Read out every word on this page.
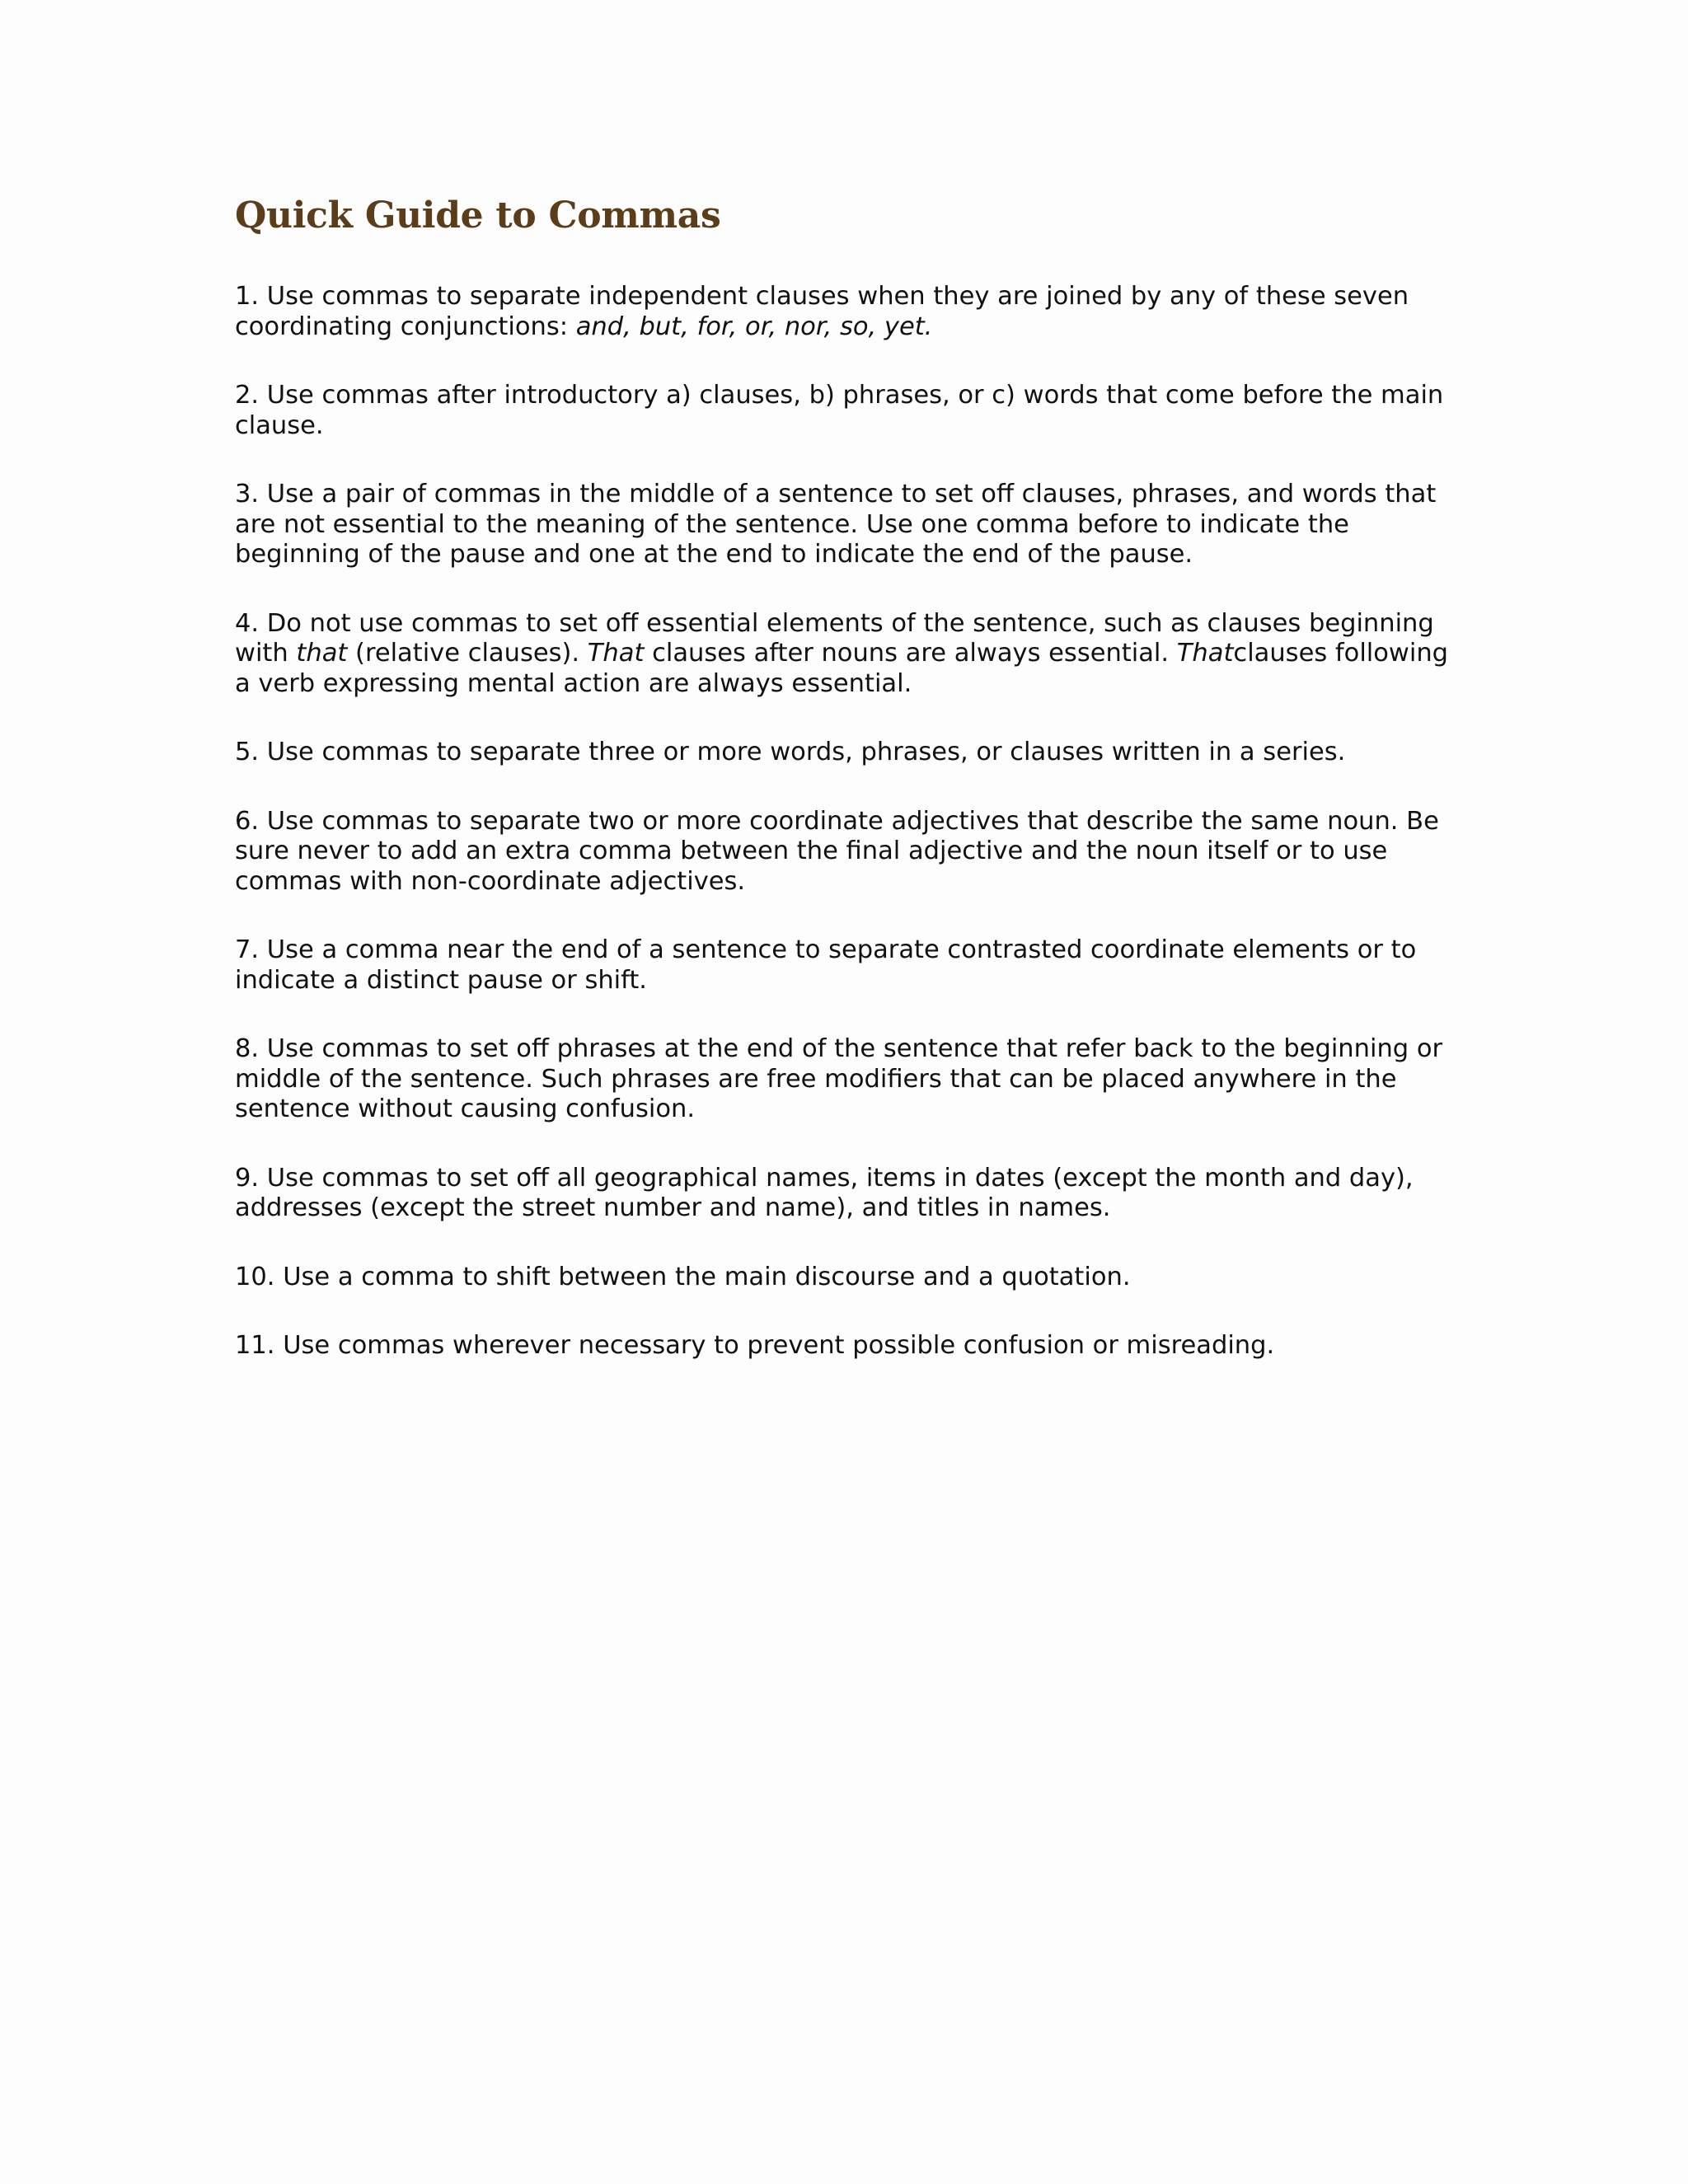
Quick Guide to Commas
1. Use commas to separate independent clauses when they are joined by any of these seven coordinating conjunctions: and, but, for, or, nor, so, yet.
2. Use commas after introductory a) clauses, b) phrases, or c) words that come before the main clause.
3. Use a pair of commas in the middle of a sentence to set off clauses, phrases, and words that are not essential to the meaning of the sentence. Use one comma before to indicate the beginning of the pause and one at the end to indicate the end of the pause.
4. Do not use commas to set off essential elements of the sentence, such as clauses beginning with that (relative clauses). That clauses after nouns are always essential. Thatclauses following a verb expressing mental action are always essential.
5. Use commas to separate three or more words, phrases, or clauses written in a series.
6. Use commas to separate two or more coordinate adjectives that describe the same noun. Be sure never to add an extra comma between the final adjective and the noun itself or to use commas with non-coordinate adjectives.
7. Use a comma near the end of a sentence to separate contrasted coordinate elements or to indicate a distinct pause or shift.
8. Use commas to set off phrases at the end of the sentence that refer back to the beginning or middle of the sentence. Such phrases are free modifiers that can be placed anywhere in the sentence without causing confusion.
9. Use commas to set off all geographical names, items in dates (except the month and day), addresses (except the street number and name), and titles in names.
10. Use a comma to shift between the main discourse and a quotation.
11. Use commas wherever necessary to prevent possible confusion or misreading.
